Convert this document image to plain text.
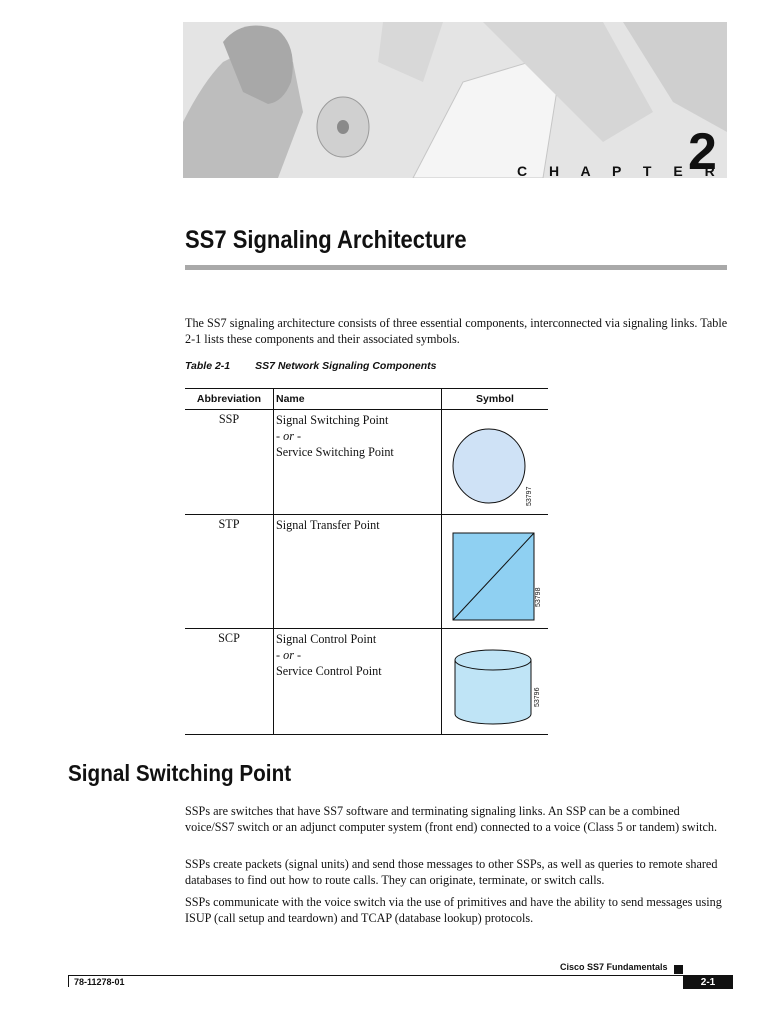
C H A P T E R
2
SS7 Signaling Architecture
The SS7 signaling architecture consists of three essential components, interconnected via signaling links. Table 2-1 lists these components and their associated symbols.
Table 2-1 SS7 Network Signaling Components
Abbreviation	Name	Symbol
SSP	Signal Switching Point
- or -
Service Switching Point	53797

STP	Signal Transfer Point	53798

SCP	Signal Control Point
- or -
Service Control Point	53796
Signal Switching Point
SSPs are switches that have SS7 software and terminating signaling links. An SSP can be a combined voice/SS7 switch or an adjunct computer system (front end) connected to a voice (Class 5 or tandem) switch.
SSPs create packets (signal units) and send those messages to other SSPs, as well as queries to remote shared databases to find out how to route calls. They can originate, terminate, or switch calls.
SSPs communicate with the voice switch via the use of primitives and have the ability to send messages using ISUP (call setup and teardown) and TCAP (database lookup) protocols.
Cisco SS7 Fundamentals
78-11278-01	2-1
